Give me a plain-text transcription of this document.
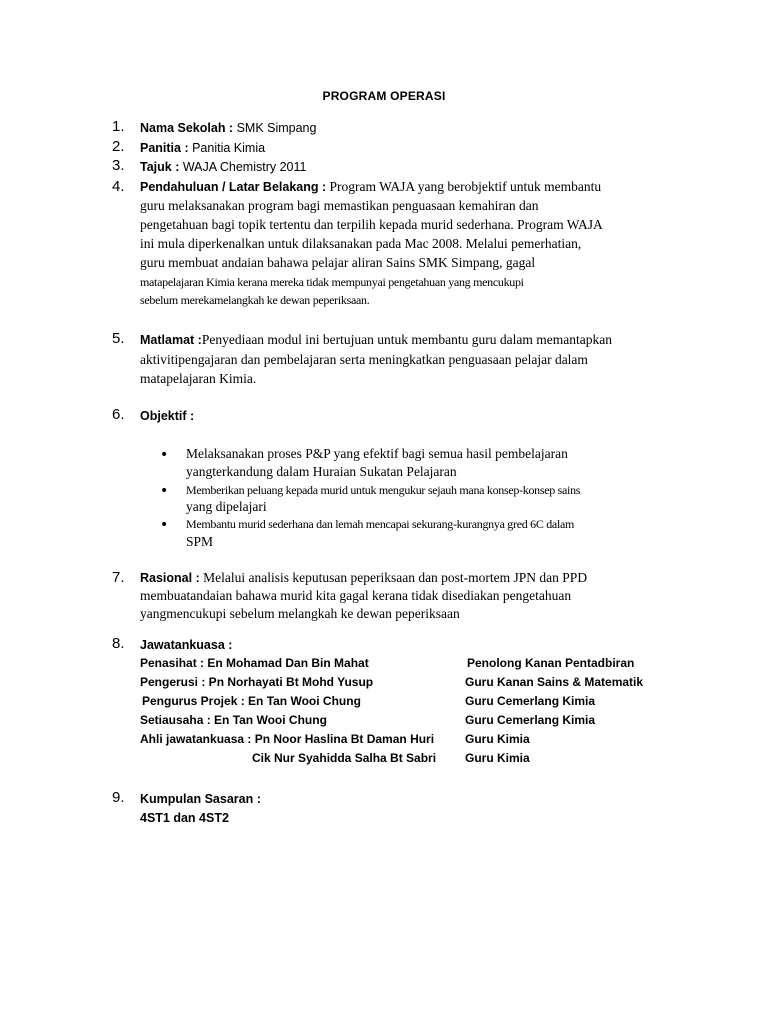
PROGRAM OPERASI
1.	Nama Sekolah : SMK Simpang
2.	Panitia : Panitia Kimia
3.	Tajuk : WAJA Chemistry 2011
4.	Pendahuluan / Latar Belakang : Program WAJA yang berobjektif untuk membantu
guru melaksanakan program bagi memastikan penguasaan kemahiran dan
pengetahuan bagi topik tertentu dan terpilih kepada murid sederhana. Program WAJA
ini mula diperkenalkan untuk dilaksanakan pada Mac 2008. Melalui pemerhatian,
guru membuat andaian bahawa pelajar aliran Sains SMK Simpang, gagal
matapelajaran Kimia kerana mereka tidak mempunyai pengetahuan yang mencukupi
sebelum merekamelangkah ke dewan peperiksaan.
5.	Matlamat :Penyediaan modul ini bertujuan untuk membantu guru dalam memantapkan
aktivitipengajaran dan pembelajaran serta meningkatkan penguasaan pelajar dalam
matapelajaran Kimia.
6.	Objektif :
• Melaksanakan proses P&P yang efektif bagi semua hasil pembelajaran
yangterkandung dalam Huraian Sukatan Pelajaran
• Memberikan peluang kepada murid untuk mengukur sejauh mana konsep-konsep sains
yang dipelajari
• Membantu murid sederhana dan lemah mencapai sekurang-kurangnya gred 6C dalam
SPM
7.	Rasional : Melalui analisis keputusan peperiksaan dan post-mortem JPN dan PPD
membuatandaian bahawa murid kita gagal kerana tidak disediakan pengetahuan
yangmencukupi sebelum melangkah ke dewan peperiksaan
8.	Jawatankuasa :
Penasihat : En Mohamad Dan Bin Mahat	Penolong Kanan Pentadbiran
Pengerusi : Pn Norhayati Bt Mohd Yusup	Guru Kanan Sains & Matematik
Pengurus Projek : En Tan Wooi Chung	Guru Cemerlang Kimia
Setiausaha : En Tan Wooi Chung	Guru Cemerlang Kimia
Ahli jawatankuasa : Pn Noor Haslina Bt Daman Huri	Guru Kimia
Cik Nur Syahidda Salha Bt Sabri Guru Kimia
9.	Kumpulan Sasaran :
4ST1 dan 4ST2
